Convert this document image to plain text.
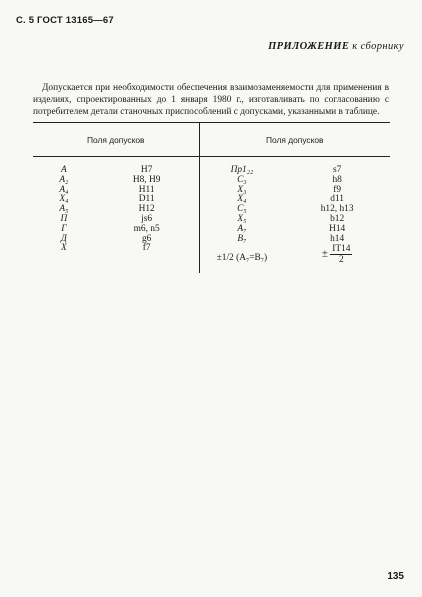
С. 5 ГОСТ 13165—67
ПРИЛОЖЕНИЕ к сборнику

Допускается при необходимости обеспечения взаимозаменяемости для применения в изделиях, спроектированных до 1 января 1980 г., изготавливать по согласованию с потребителем детали станочных приспособлений с допусками, указанными в таблице.

Поля допусков		Поля допусков	
A	H7	Пр1₂₂	s7
A₂	H8, H9	C₃	h8
A₄	H11	X₃	f9
X₄	D11	X₄	d11
A₅	H12	C₅	h12, h13
П	js6	X₅	b12
Г	m6, n5	A₇	H14
Д	g6	B₇	h14
X	f7	±1/2 (A₇=B₇)	± $\frac{IT14}{2}$

135
